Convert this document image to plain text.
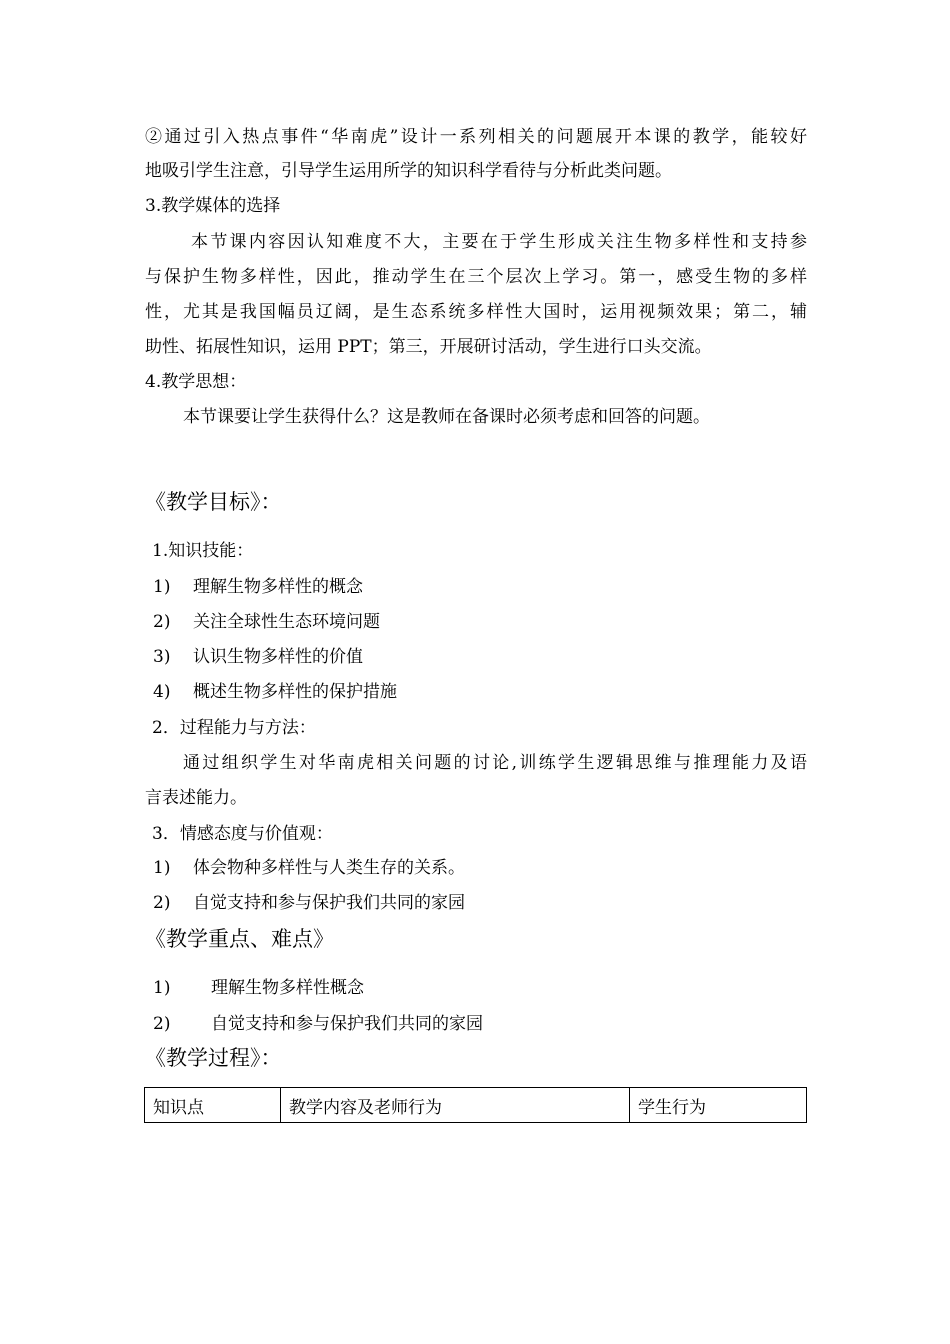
②通过引入热点事件“华南虎”设计一系列相关的问题展开本课的教学，能较好
地吸引学生注意，引导学生运用所学的知识科学看待与分析此类问题。
3.教学媒体的选择
本节课内容因认知难度不大，主要在于学生形成关注生物多样性和支持参
与保护生物多样性，因此，推动学生在三个层次上学习。第一，感受生物的多样
性，尤其是我国幅员辽阔，是生态系统多样性大国时，运用视频效果；第二，辅
助性、拓展性知识，运用 PPT；第三，开展研讨活动，学生进行口头交流。
4.教学思想：
本节课要让学生获得什么？这是教师在备课时必须考虑和回答的问题。
《教学目标》：
1.知识技能：
1) 理解生物多样性的概念
2) 关注全球性生态环境问题
3) 认识生物多样性的价值
4) 概述生物多样性的保护措施
2．过程能力与方法：
通过组织学生对华南虎相关问题的讨论,训练学生逻辑思维与推理能力及语
言表述能力。
3．情感态度与价值观：
1) 体会物种多样性与人类生存的关系。
2) 自觉支持和参与保护我们共同的家园
《教学重点、难点》
1) 理解生物多样性概念
2) 自觉支持和参与保护我们共同的家园
《教学过程》：
知识点	教学内容及老师行为	学生行为
